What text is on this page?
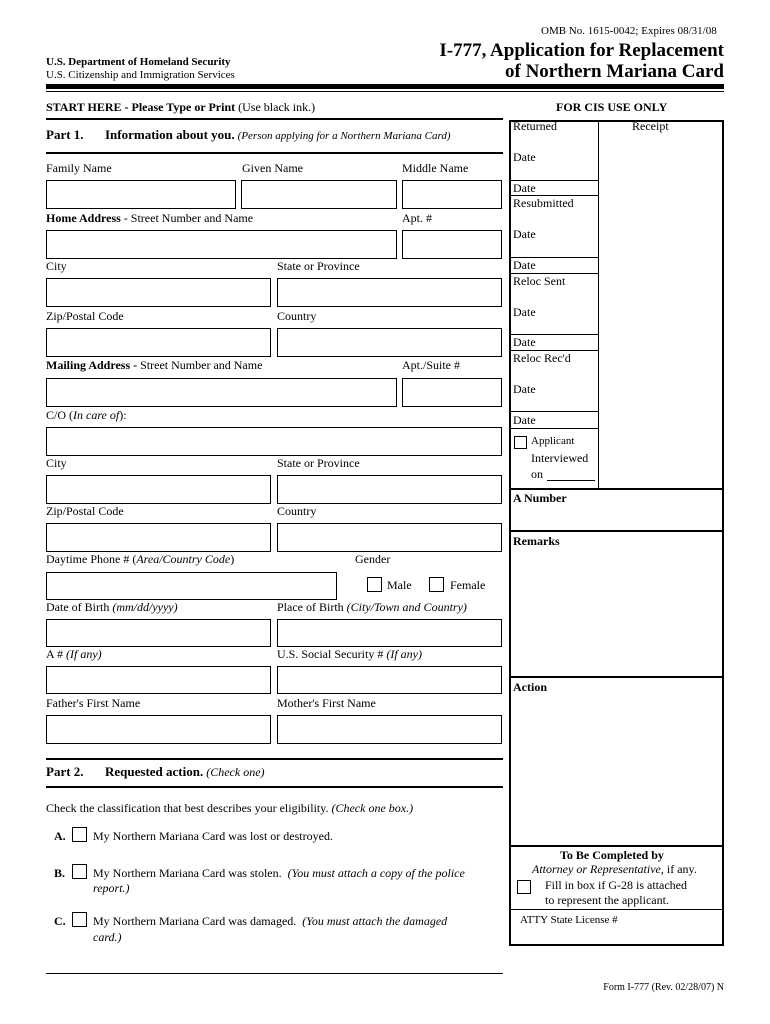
OMB No. 1615-0042; Expires 08/31/08
U.S. Department of Homeland Security
U.S. Citizenship and Immigration Services
I-777, Application for Replacement
of Northern Mariana Card
START HERE - Please Type or Print (Use black ink.)	FOR CIS USE ONLY
Part 1. Information about you. (Person applying for a Northern Mariana Card)
Family Name	Given Name	Middle Name
Home Address - Street Number and Name	Apt. #
City	State or Province
Zip/Postal Code	Country
Mailing Address - Street Number and Name	Apt./Suite #
C/O (In care of):
City	State or Province
Zip/Postal Code	Country
Daytime Phone # (Area/Country Code)	Gender
Male	Female
Date of Birth (mm/dd/yyyy)	Place of Birth (City/Town and Country)
A # (If any)	U.S. Social Security # (If any)
Father's First Name	Mother's First Name
Part 2. Requested action. (Check one)
Check the classification that best describes your eligibility. (Check one box.)
A. My Northern Mariana Card was lost or destroyed.
B. My Northern Mariana Card was stolen. (You must attach a copy of the police
report.)
C. My Northern Mariana Card was damaged. (You must attach the damaged
card.)
Returned	Receipt
Date
Date
Resubmitted
Date
Date
Reloc Sent
Date
Date
Reloc Rec'd
Date
Date
Applicant
Interviewed
on
A Number
Remarks
Action
To Be Completed by
Attorney or Representative, if any.
Fill in box if G-28 is attached
to represent the applicant.
ATTY State License #
Form I-777 (Rev. 02/28/07) N
